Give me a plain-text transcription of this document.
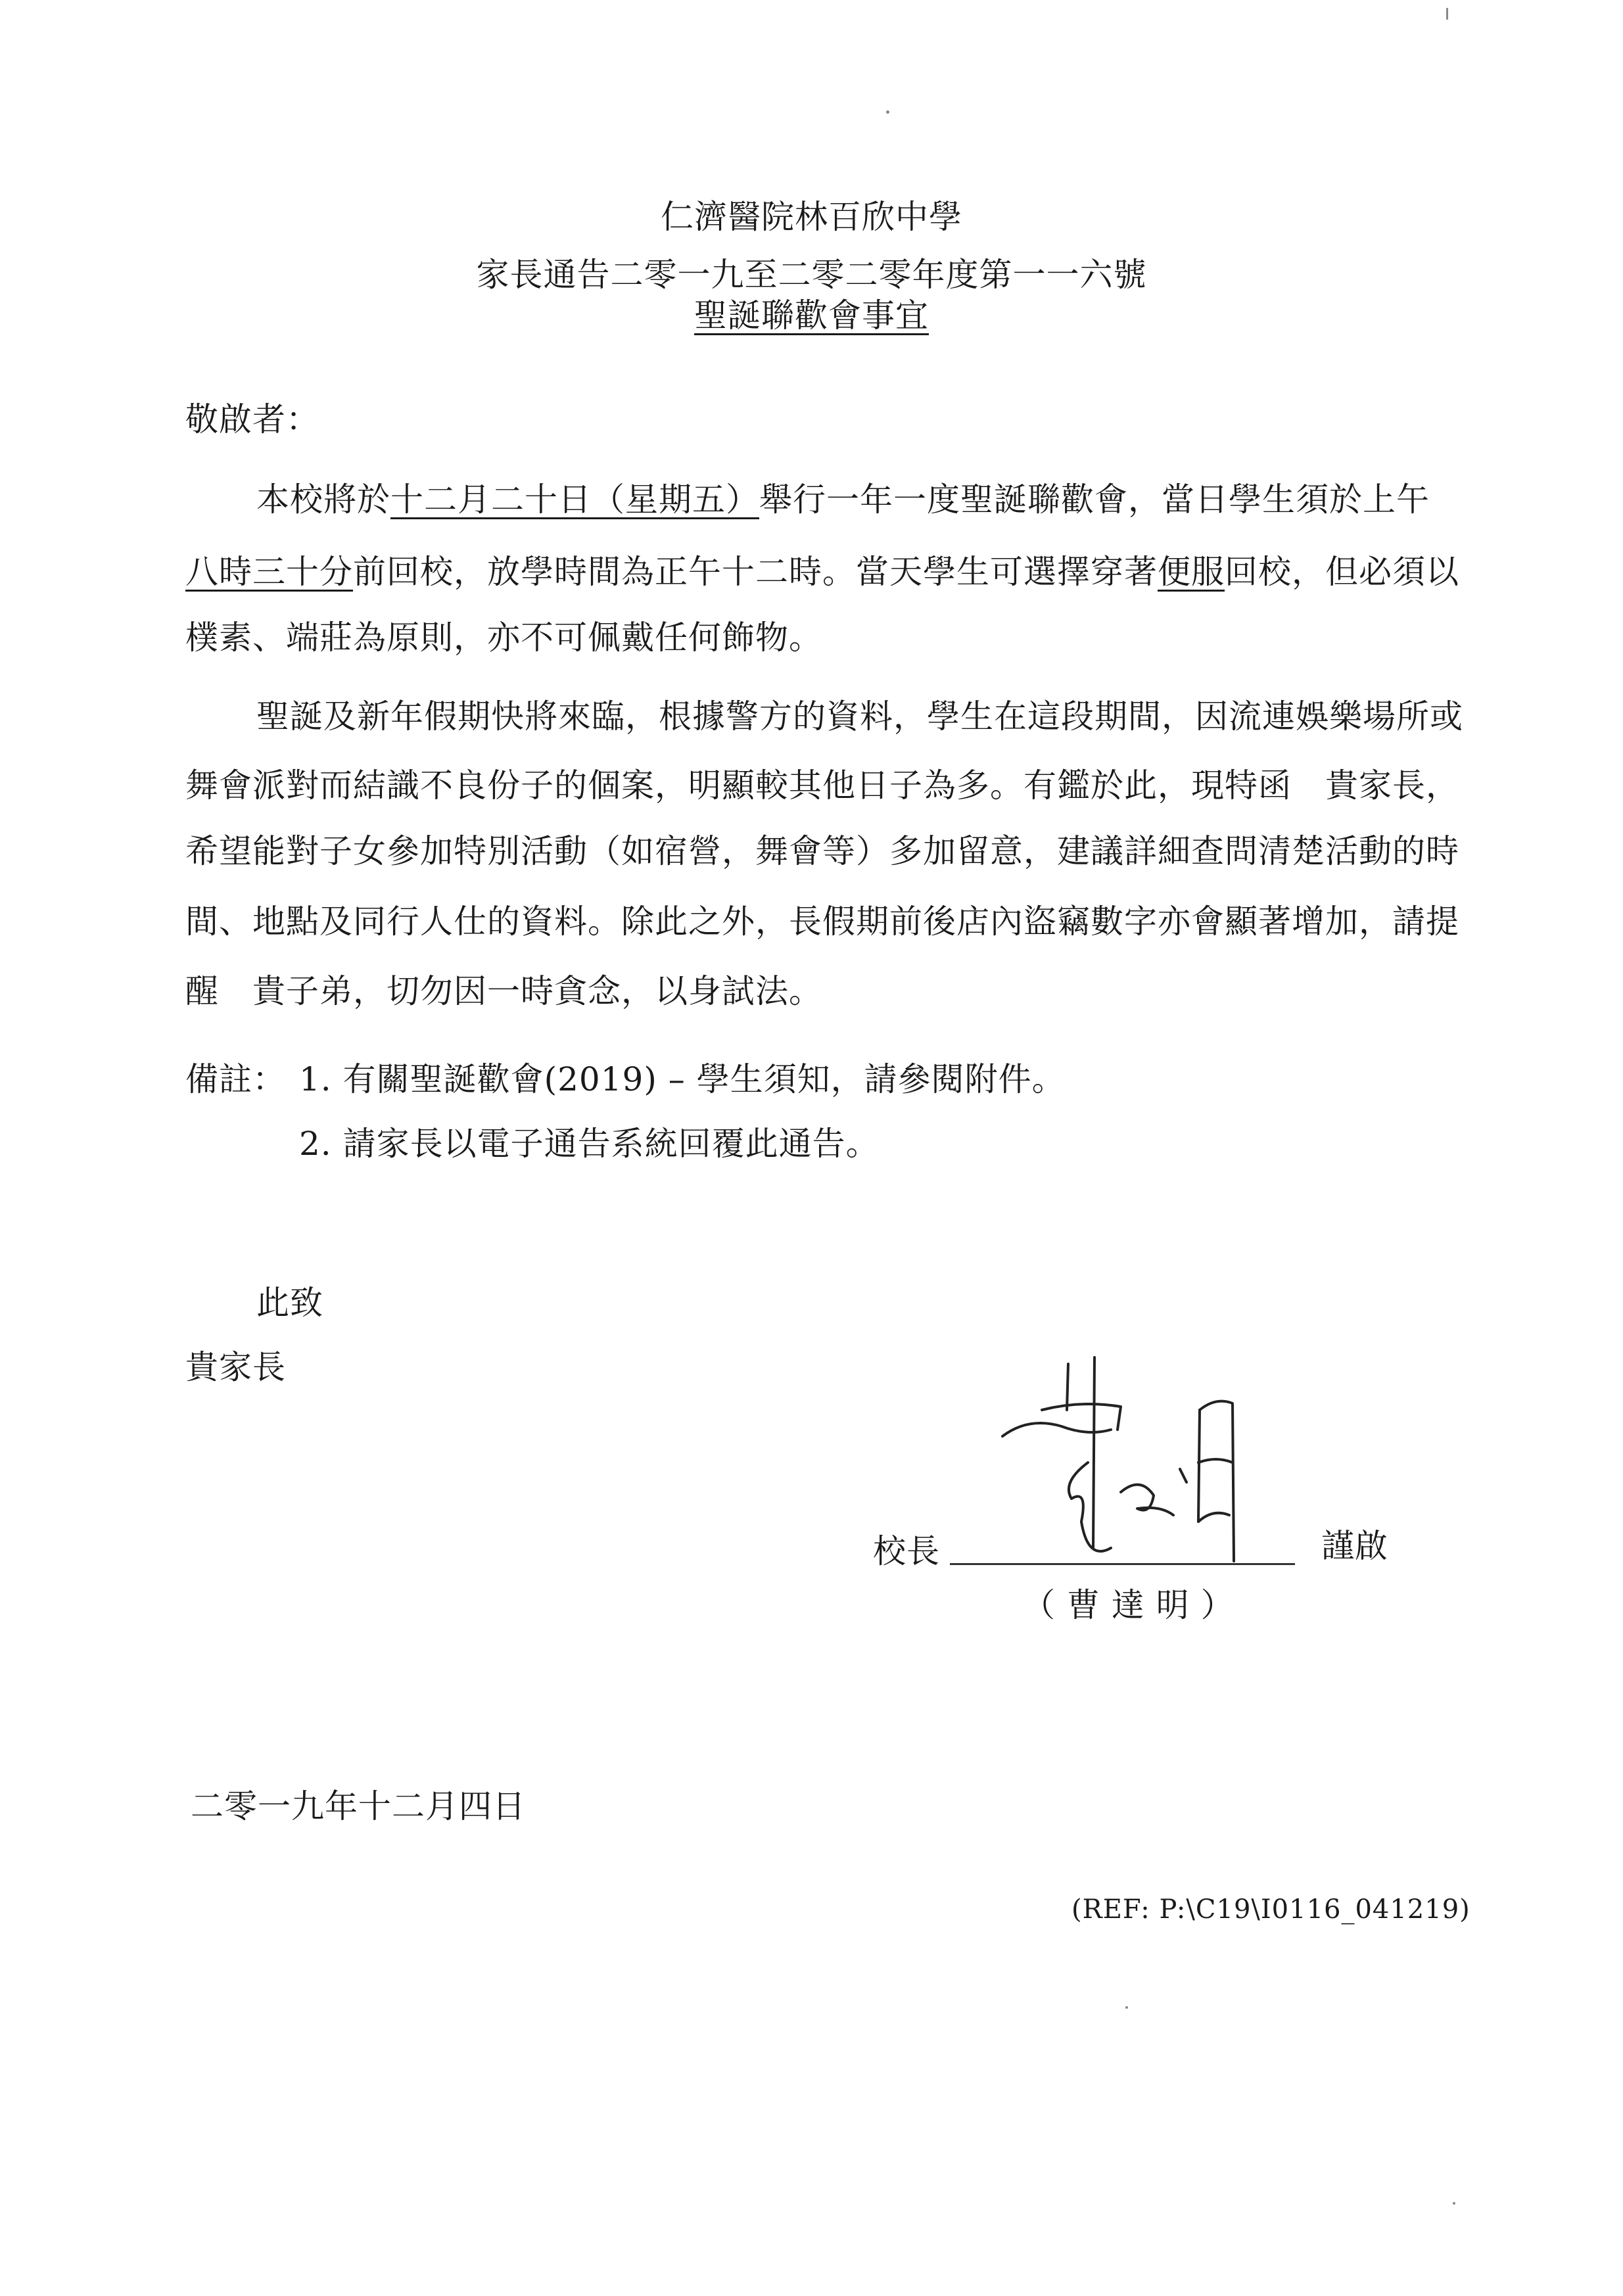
仁濟醫院林百欣中學
家長通告二零一九至二零二零年度第一一六號
聖誕聯歡會事宜
敬啟者：
本校將於十二月二十日（星期五）舉行一年一度聖誕聯歡會，當日學生須於上午
八時三十分前回校，放學時間為正午十二時。當天學生可選擇穿著便服回校，但必須以
樸素、端莊為原則，亦不可佩戴任何飾物。
聖誕及新年假期快將來臨，根據警方的資料，學生在這段期間，因流連娛樂場所或
舞會派對而結識不良份子的個案，明顯較其他日子為多。有鑑於此，現特函　貴家長，
希望能對子女參加特別活動（如宿營，舞會等）多加留意，建議詳細查問清楚活動的時
間、地點及同行人仕的資料。除此之外，長假期前後店內盜竊數字亦會顯著增加，請提
醒　貴子弟，切勿因一時貪念，以身試法。
備註： 1. 有關聖誕歡會(2019) – 學生須知，請參閱附件。
2. 請家長以電子通告系統回覆此通告。
此致
貴家長
校長	謹啟
（ 曹 達 明 ）
二零一九年十二月四日
(REF: P:\C19\I0116_041219)
